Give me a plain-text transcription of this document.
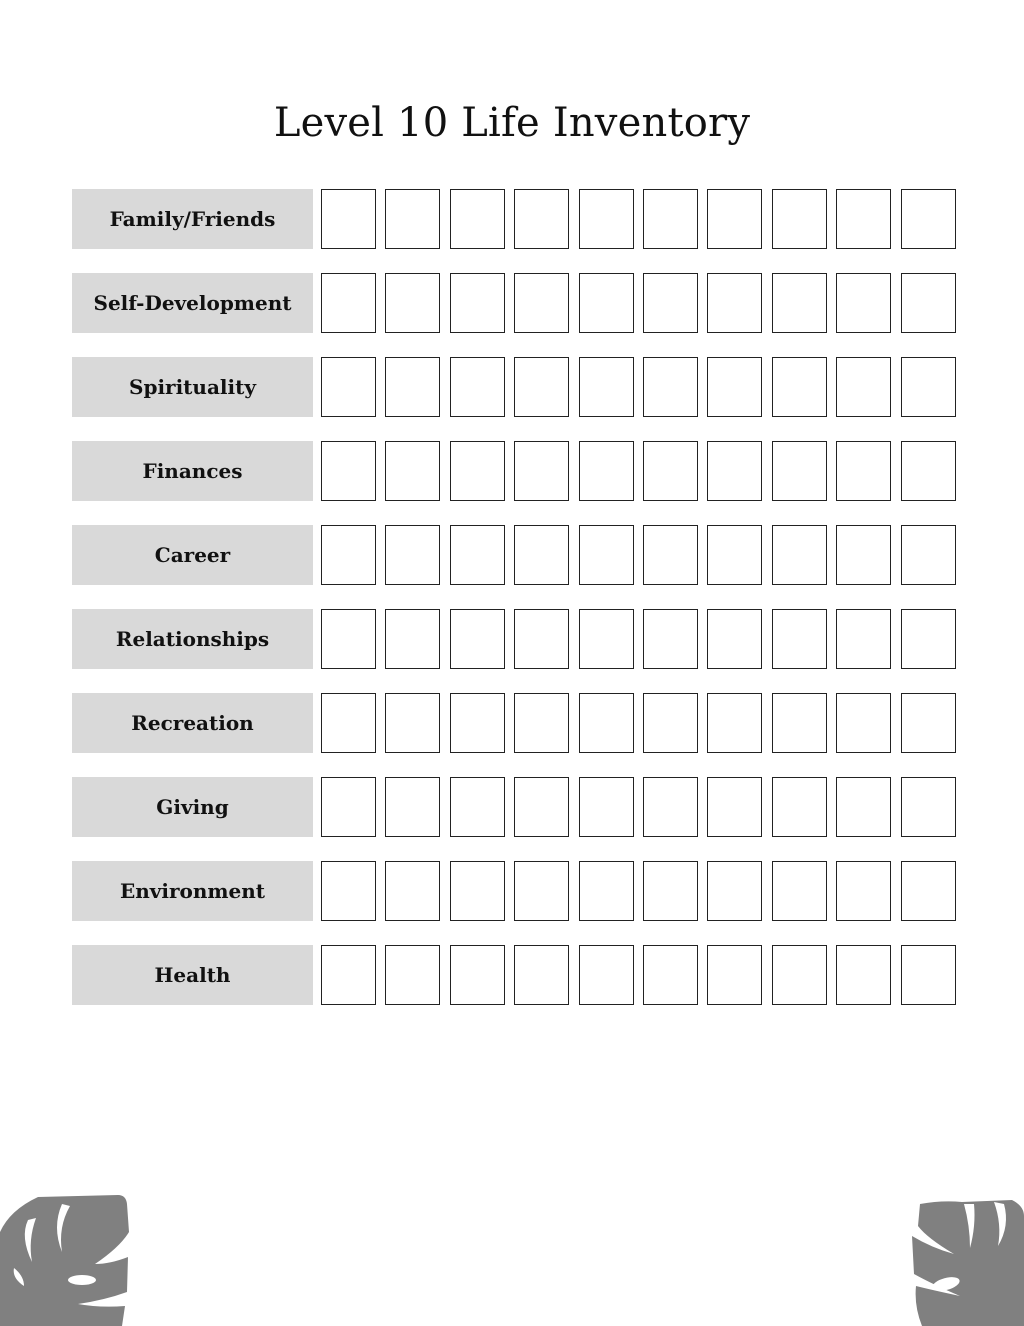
Level 10 Life Inventory
Family/Friends
Self-Development
Spirituality
Finances
Career
Relationships
Recreation
Giving
Environment
Health
